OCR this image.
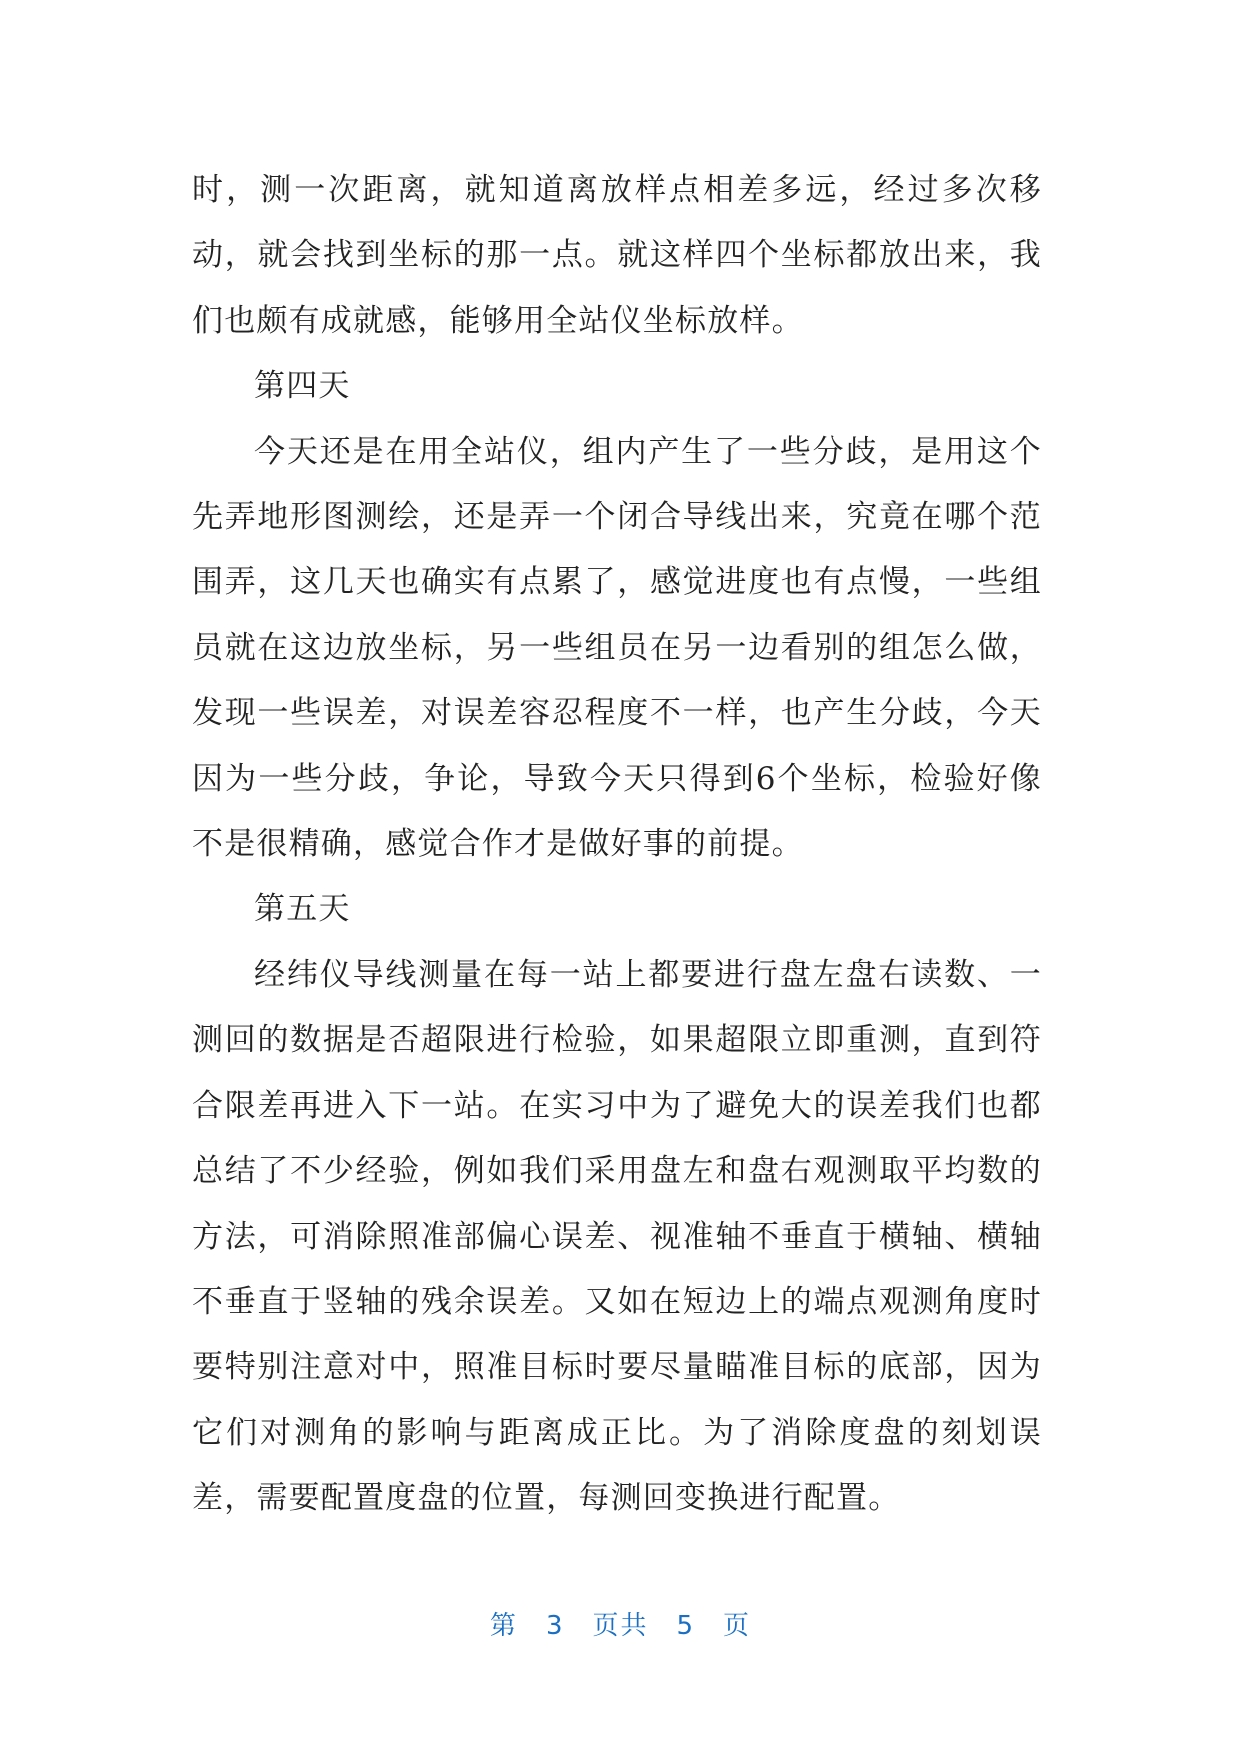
时，测一次距离，就知道离放样点相差多远，经过多次移动，就会找到坐标的那一点。就这样四个坐标都放出来，我们也颇有成就感，能够用全站仪坐标放样。

第四天

今天还是在用全站仪，组内产生了一些分歧，是用这个先弄地形图测绘，还是弄一个闭合导线出来，究竟在哪个范围弄，这几天也确实有点累了，感觉进度也有点慢，一些组员就在这边放坐标，另一些组员在另一边看别的组怎么做，发现一些误差，对误差容忍程度不一样，也产生分歧，今天因为一些分歧，争论，导致今天只得到6个坐标，检验好像不是很精确，感觉合作才是做好事的前提。

第五天

经纬仪导线测量在每一站上都要进行盘左盘右读数、一测回的数据是否超限进行检验，如果超限立即重测，直到符合限差再进入下一站。在实习中为了避免大的误差我们也都总结了不少经验，例如我们采用盘左和盘右观测取平均数的方法，可消除照准部偏心误差、视准轴不垂直于横轴、横轴不垂直于竖轴的残余误差。又如在短边上的端点观测角度时要特别注意对中，照准目标时要尽量瞄准目标的底部，因为它们对测角的影响与距离成正比。为了消除度盘的刻划误差，需要配置度盘的位置，每测回变换进行配置。

第 3 页共 5 页
